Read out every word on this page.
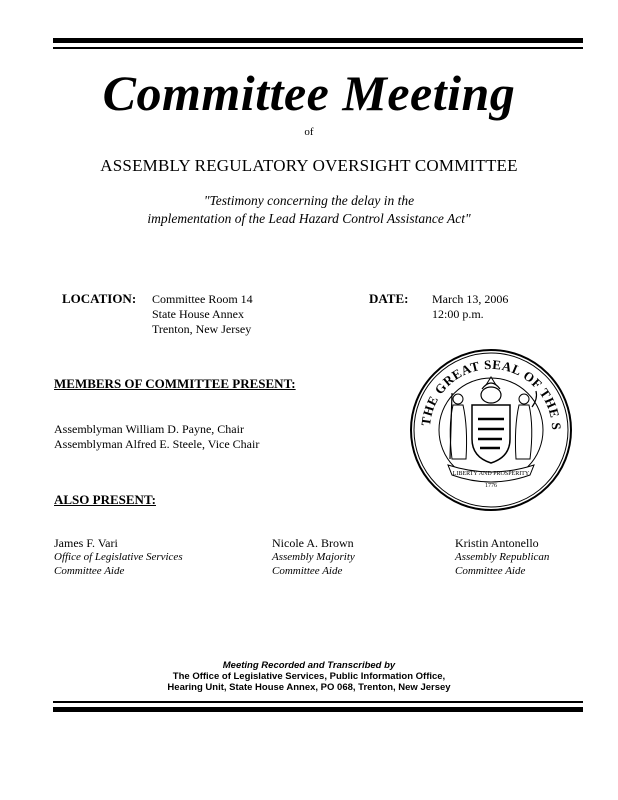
Committee Meeting
of
ASSEMBLY REGULATORY OVERSIGHT COMMITTEE
"Testimony concerning the delay in the
implementation of the Lead Hazard Control Assistance Act"
LOCATION: Committee Room 14
State House Annex
Trenton, New Jersey
DATE: March 13, 2006
12:00 p.m.
MEMBERS OF COMMITTEE PRESENT:
Assemblyman William D. Payne, Chair
Assemblyman Alfred E. Steele, Vice Chair
ALSO PRESENT:
James F. Vari
Office of Legislative Services
Committee Aide
Nicole A. Brown
Assembly Majority
Committee Aide
Kristin Antonello
Assembly Republican
Committee Aide
THE GREAT SEAL OF THE S
LIBERTY AND PROSPERITY
1776
Meeting Recorded and Transcribed by
The Office of Legislative Services, Public Information Office,
Hearing Unit, State House Annex, PO 068, Trenton, New Jersey
